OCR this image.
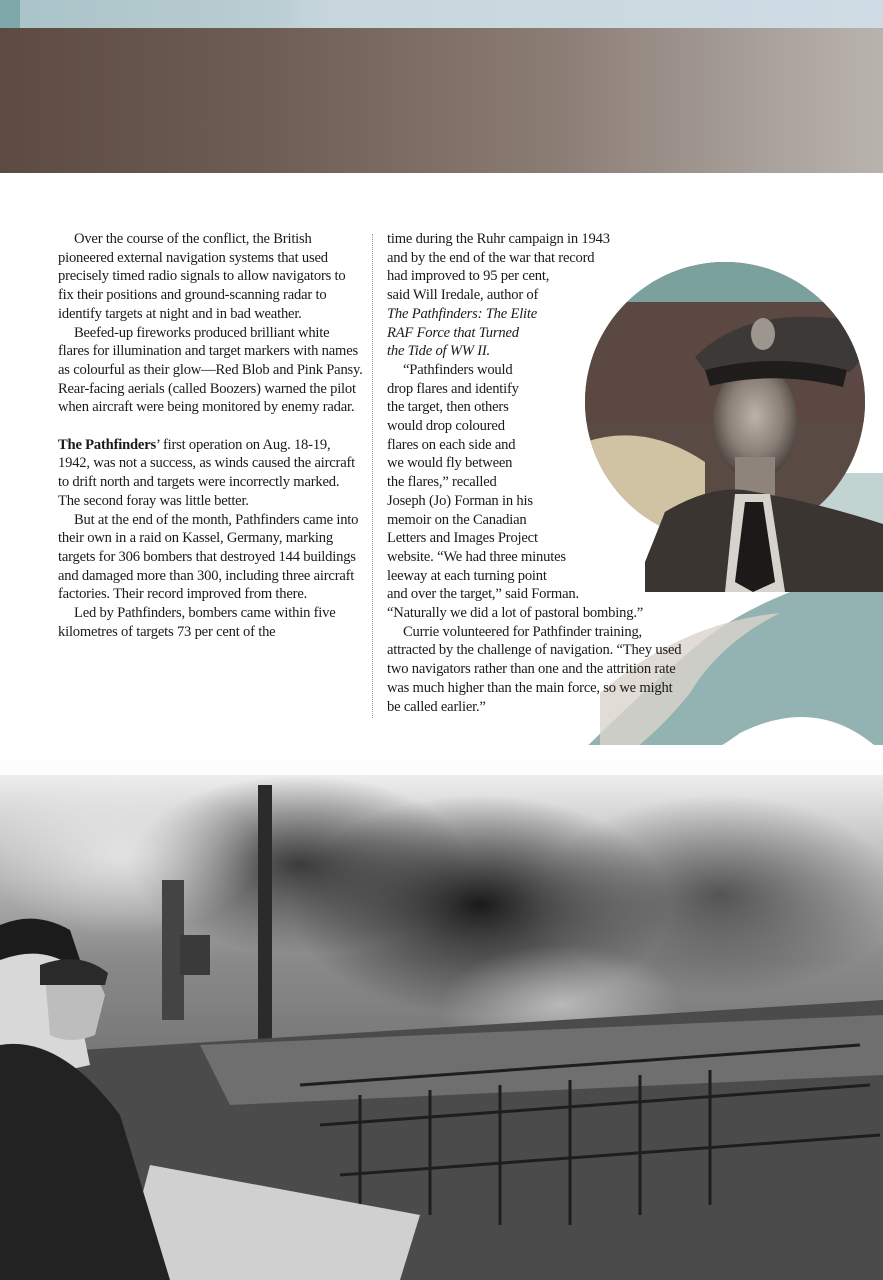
Over the course of the conflict, the British pioneered external navigation systems that used precisely timed radio signals to allow navigators to fix their positions and ground-scanning radar to identify targets at night and in bad weather.

Beefed-up fireworks produced brilliant white flares for illumination and target markers with names as colourful as their glow—Red Blob and Pink Pansy. Rear-facing aerials (called Boozers) warned the pilot when aircraft were being monitored by enemy radar.

The Pathfinders’ first operation on Aug. 18-19, 1942, was not a success, as winds caused the aircraft to drift north and targets were incorrectly marked. The second foray was little better.

But at the end of the month, Pathfinders came into their own in a raid on Kassel, Germany, marking targets for 306 bombers that destroyed 144 buildings and damaged more than 300, including three aircraft factories. Their record improved from there.

Led by Pathfinders, bombers came within five kilometres of targets 73 per cent of the

time during the Ruhr campaign in 1943
and by the end of the war that record
had improved to 95 per cent,
said Will Iredale, author of
The Pathfinders: The Elite
RAF Force that Turned
the Tide of WW II.
“Pathfinders would
drop flares and identify
the target, then others
would drop coloured
flares on each side and
we would fly between
the flares,” recalled
Joseph (Jo) Forman in his
memoir on the Canadian
Letters and Images Project
website. “We had three minutes
leeway at each turning point
and over the target,” said Forman.
“Naturally we did a lot of pastoral bombing.”

Currie volunteered for Pathfinder training, attracted by the challenge of navigation. “They used two navigators rather than one and the attrition rate was much higher than the main force, so we might be called earlier.”
